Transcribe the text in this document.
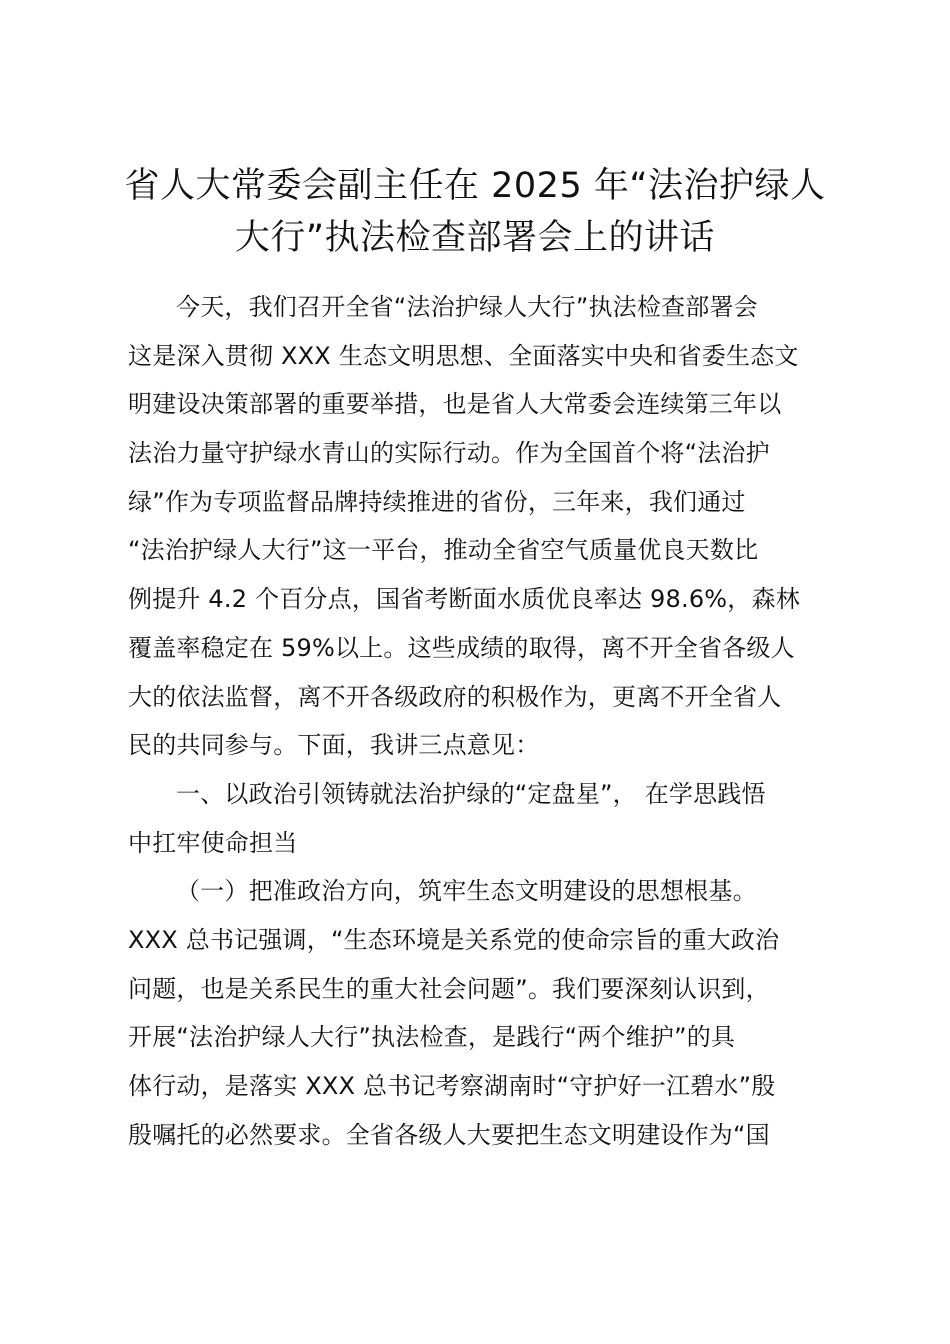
省人大常委会副主任在 2025 年“法治护绿人
大行”执法检查部署会上的讲话
今天，我们召开全省“法治护绿人大行”执法检查部署会
这是深入贯彻 XXX 生态文明思想、全面落实中央和省委生态文
明建设决策部署的重要举措，也是省人大常委会连续第三年以
法治力量守护绿水青山的实际行动。作为全国首个将“法治护
绿”作为专项监督品牌持续推进的省份，三年来，我们通过
“法治护绿人大行”这一平台，推动全省空气质量优良天数比
例提升 4.2 个百分点，国省考断面水质优良率达 98.6%，森林
覆盖率稳定在 59%以上。这些成绩的取得，离不开全省各级人
大的依法监督，离不开各级政府的积极作为，更离不开全省人
民的共同参与。下面，我讲三点意见：
一、以政治引领铸就法治护绿的“定盘星”， 在学思践悟
中扛牢使命担当
（一）把准政治方向，筑牢生态文明建设的思想根基。
XXX 总书记强调，“生态环境是关系党的使命宗旨的重大政治
问题，也是关系民生的重大社会问题”。我们要深刻认识到，
开展“法治护绿人大行”执法检查，是践行“两个维护”的具
体行动，是落实 XXX 总书记考察湖南时“守护好一江碧水”殷
殷嘱托的必然要求。全省各级人大要把生态文明建设作为“国
